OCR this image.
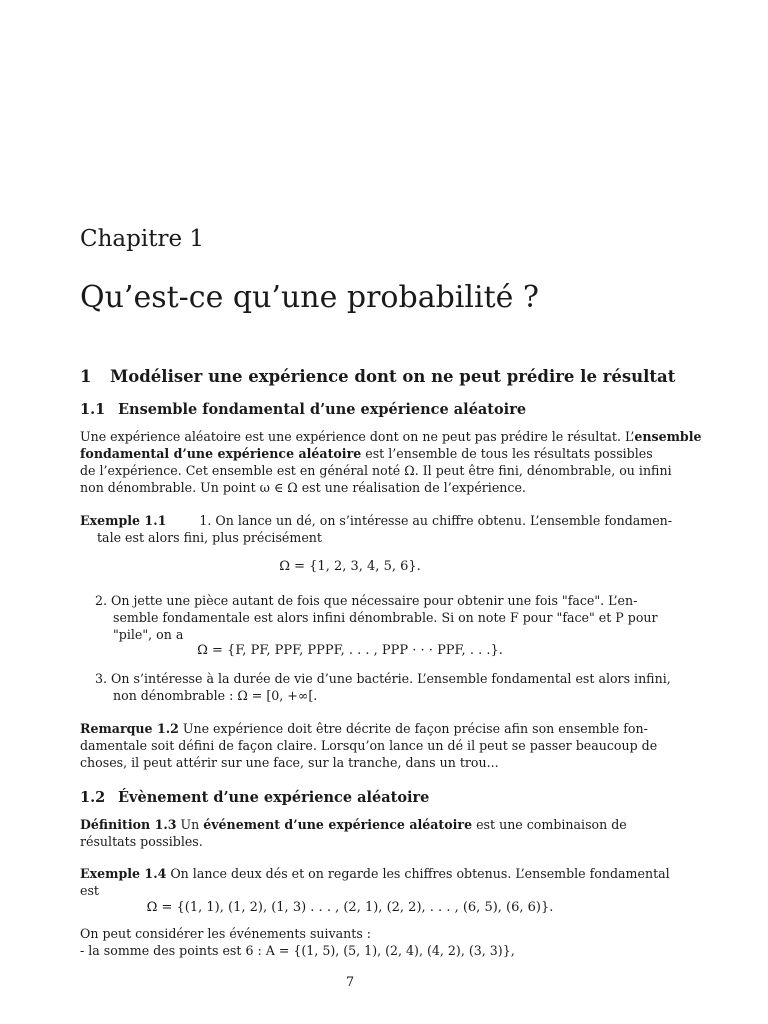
Chapitre 1
Qu’est-ce qu’une probabilité ?
1 Modéliser une expérience dont on ne peut prédire le résultat
1.1 Ensemble fondamental d’une expérience aléatoire
Une expérience aléatoire est une expérience dont on ne peut pas prédire le résultat. L’ensemble
fondamental d’une expérience aléatoire est l’ensemble de tous les résultats possibles
de l’expérience. Cet ensemble est en général noté Ω. Il peut être fini, dénombrable, ou infini
non dénombrable. Un point ω ∈ Ω est une réalisation de l’expérience.
Exemple 1.1	1. On lance un dé, on s’intéresse au chiffre obtenu. L’ensemble fondamen-
tale est alors fini, plus précisément
Ω = {1, 2, 3, 4, 5, 6}.
2. On jette une pièce autant de fois que nécessaire pour obtenir une fois "face". L’en-
semble fondamentale est alors infini dénombrable. Si on note F pour "face" et P pour
"pile", on a
Ω = {F, PF, PPF, PPPF, . . . , PPP · · · PPF, . . .}.
3. On s’intéresse à la durée de vie d’une bactérie. L’ensemble fondamental est alors infini,
non dénombrable : Ω = [0, +∞[.
Remarque 1.2 Une expérience doit être décrite de façon précise afin son ensemble fon-
damentale soit défini de façon claire. Lorsqu’on lance un dé il peut se passer beaucoup de
choses, il peut attérir sur une face, sur la tranche, dans un trou...
1.2 Évènement d’une expérience aléatoire
Définition 1.3 Un événement d’une expérience aléatoire est une combinaison de
résultats possibles.
Exemple 1.4 On lance deux dés et on regarde les chiffres obtenus. L’ensemble fondamental
est
Ω = {(1, 1), (1, 2), (1, 3) . . . , (2, 1), (2, 2), . . . , (6, 5), (6, 6)}.
On peut considérer les événements suivants :
- la somme des points est 6 : A = {(1, 5), (5, 1), (2, 4), (4, 2), (3, 3)},
7
